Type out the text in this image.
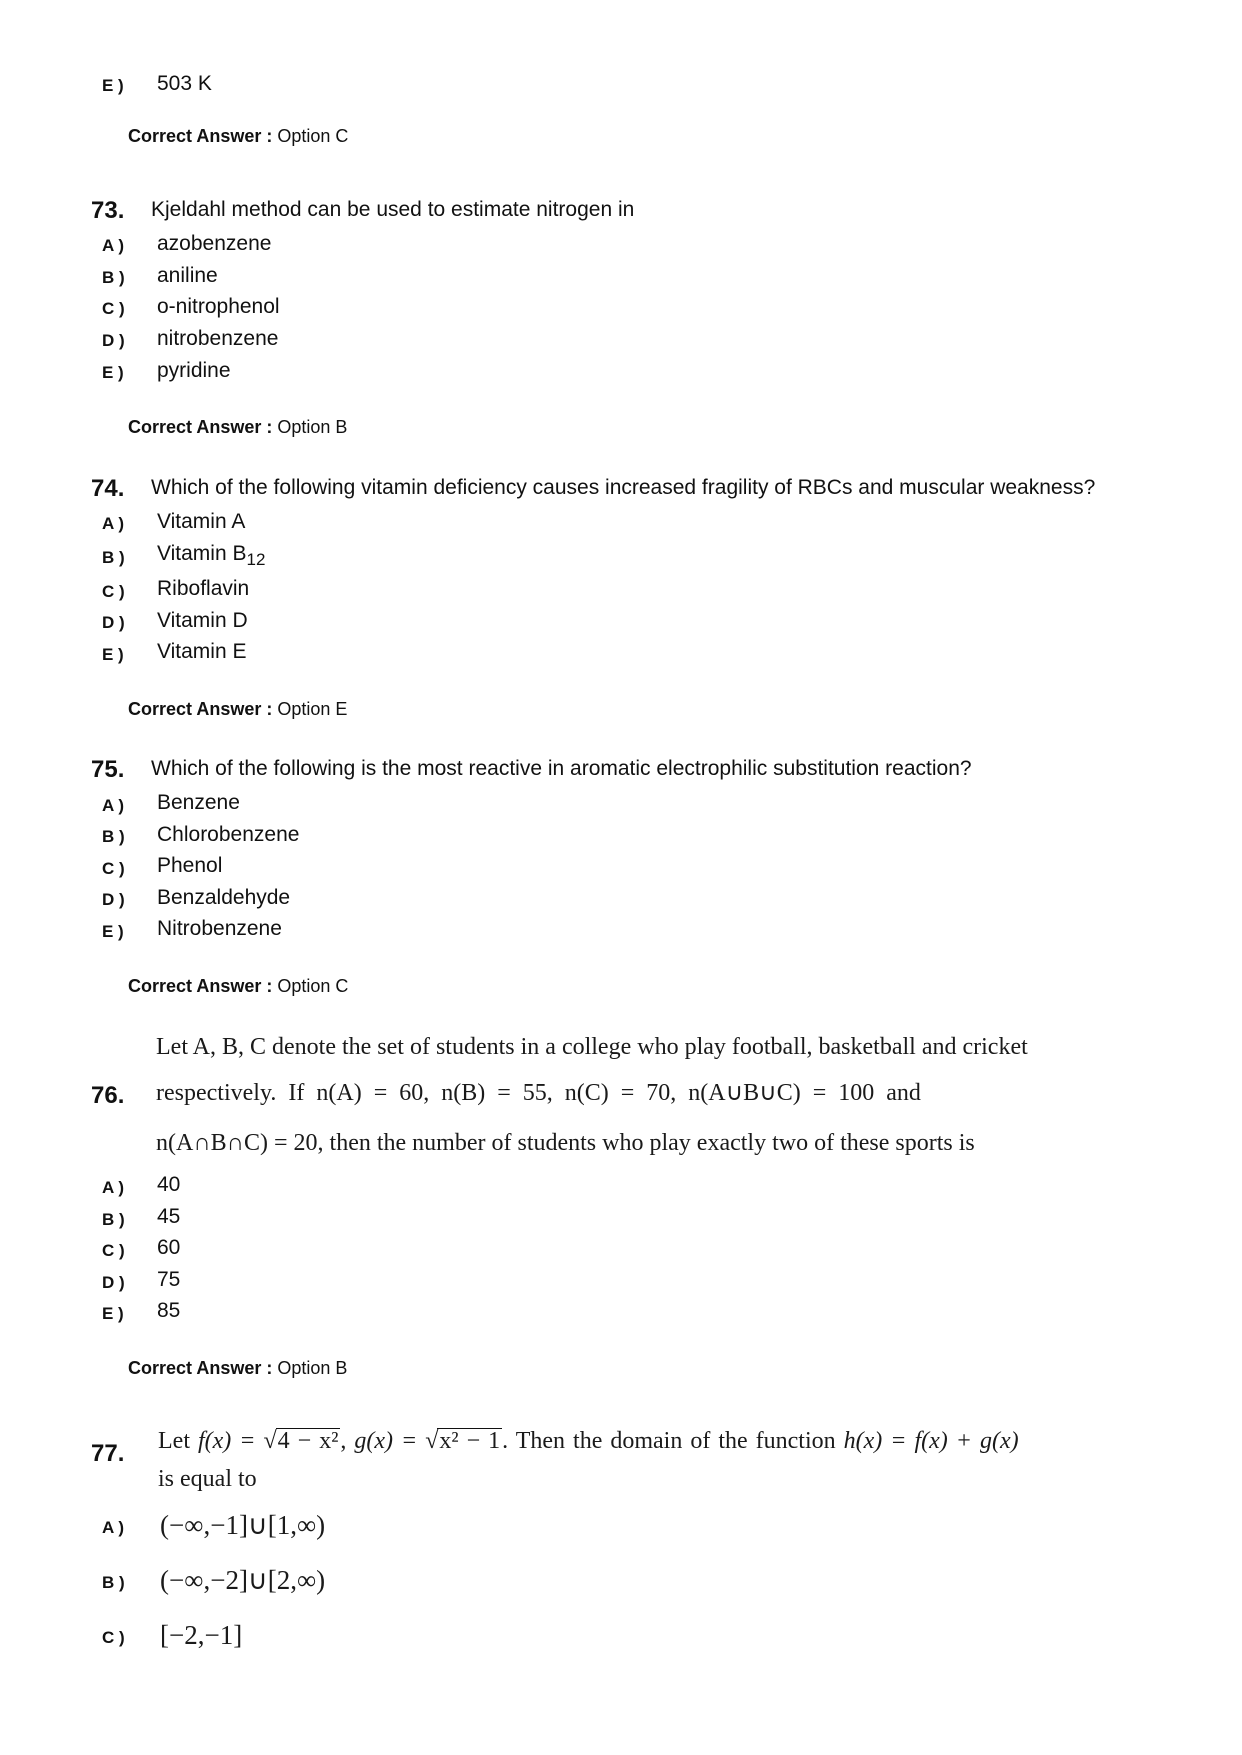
E ) 503 K
Correct Answer : Option C
73. Kjeldahl method can be used to estimate nitrogen in
A ) azobenzene
B ) aniline
C ) o-nitrophenol
D ) nitrobenzene
E ) pyridine
Correct Answer : Option B
74. Which of the following vitamin deficiency causes increased fragility of RBCs and muscular weakness?
A ) Vitamin A
B ) Vitamin $B_{12}$
C ) Riboflavin
D ) Vitamin D
E ) Vitamin E
Correct Answer : Option E
75. Which of the following is the most reactive in aromatic electrophilic substitution reaction?
A ) Benzene
B ) Chlorobenzene
C ) Phenol
D ) Benzaldehyde
E ) Nitrobenzene
Correct Answer : Option C
76.
Let A, B, C denote the set of students in a college who play football, basketball and cricket
respectively. If n(A) = 60, n(B) = 55, n(C) = 70, n(A∪B∪C) = 100 and
n(A∩B∩C) = 20, then the number of students who play exactly two of these sports is
A ) 40
B ) 45
C ) 60
D ) 75
E ) 85
Correct Answer : Option B
77. Let f(x) = √4 − x², g(x) = √x² − 1. Then the domain of the function h(x) = f(x) + g(x)
is equal to
A ) (−∞,−1]∪[1,∞)
B ) (−∞,−2]∪[2,∞)
C ) [−2,−1]
